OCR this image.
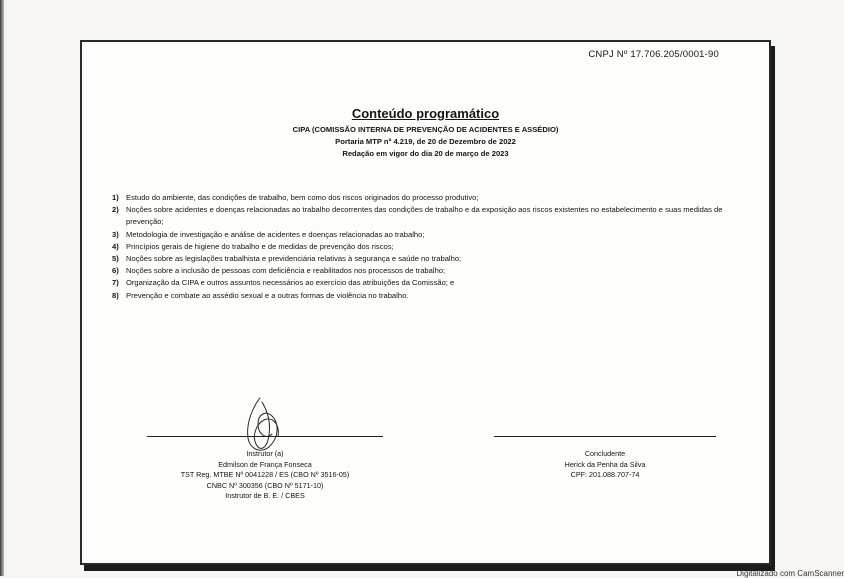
CNPJ Nº 17.706.205/0001-90
Conteúdo programático
CIPA (COMISSÃO INTERNA DE PREVENÇÃO DE ACIDENTES E ASSÉDIO)
Portaria MTP nº 4.219, de 20 de Dezembro de 2022
Redação em vigor do dia 20 de março de 2023
1) Estudo do ambiente, das condições de trabalho, bem como dos riscos originados do processo produtivo;
2) Noções sobre acidentes e doenças relacionadas ao trabalho decorrentes das condições de trabalho e da exposição aos riscos existentes no estabelecimento e suas medidas de prevenção;
3) Metodologia de investigação e análise de acidentes e doenças relacionadas ao trabalho;
4) Princípios gerais de higiene do trabalho e de medidas de prevenção dos riscos;
5) Noções sobre as legislações trabalhista e previdenciária relativas à segurança e saúde no trabalho;
6) Noções sobre a inclusão de pessoas com deficiência e reabilitados nos processos de trabalho;
7) Organização da CIPA e outros assuntos necessários ao exercício das atribuições da Comissão; e
8) Prevenção e combate ao assédio sexual e a outras formas de violência no trabalho.
Instrutor (a)
Edmilson de França Fonseca
TST Reg. MTBE Nº 0041228 / ES (CBO Nº 3516-05)
CNBC Nº 300356 (CBO Nº 5171-10)
Instrutor de B. E. / CBES
Concludente
Herick da Penha da Silva
CPF: 201.088.707-74
Digitalizado com CamScanner
